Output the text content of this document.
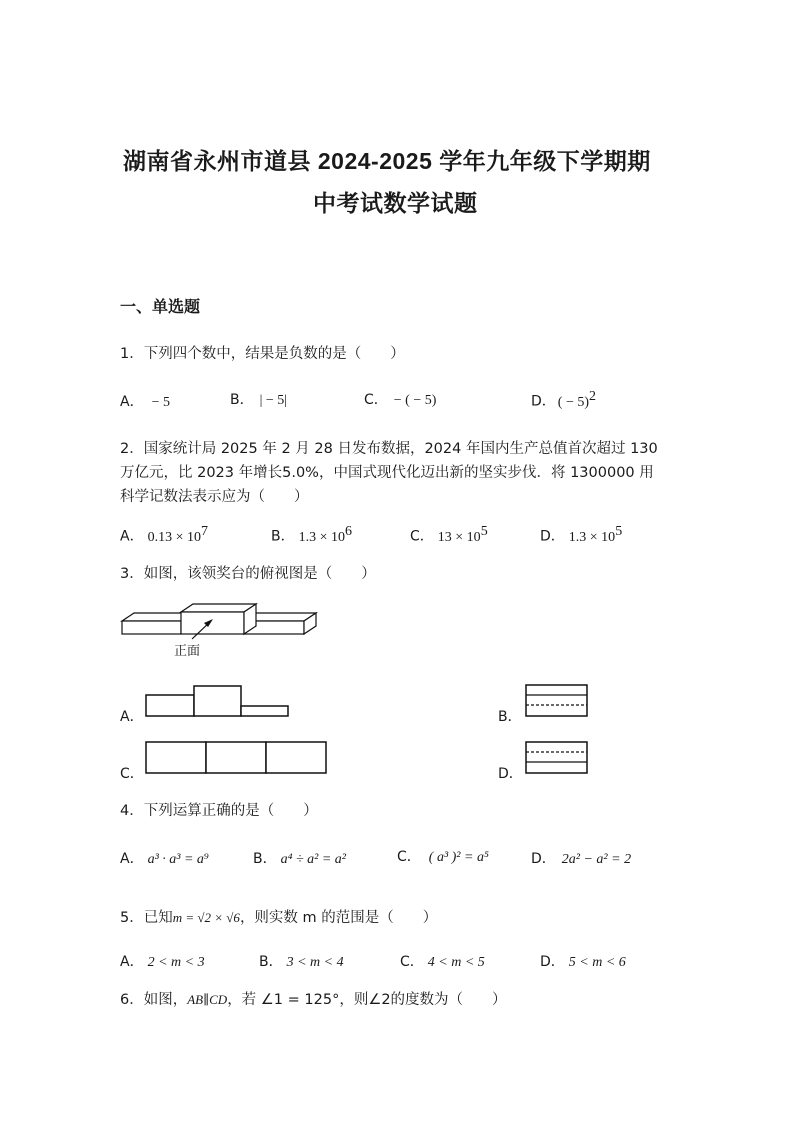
湖南省永州市道县 2024-2025 学年九年级下学期期
中考试数学试题
一、单选题
1．下列四个数中，结果是负数的是（　　）
A． − 5	B． | − 5|	C． − ( − 5)	D． ( − 5)$^2$
2．国家统计局 2025 年 2 月 28 日发布数据，2024 年国内生产总值首次超过 130
万亿元，比 2023 年增长5.0%，中国式现代化迈出新的坚实步伐．将 1300000 用
科学记数法表示应为（　　）
A． $0.13 \times 10^7$	B． $1.3 \times 10^6$	C． $13 \times 10^5$	D． $1.3 \times 10^5$
3．如图，该领奖台的俯视图是（　　）
正面
A．	B．
C．	D．
4．下列运算正确的是（　　）
A． a³ · a³ = a⁹	B． a⁴ ÷ a² = a²	C． ( a³ )² = a⁵	D． 2a² − a² = 2
5．已知m = √2 × √6，则实数 m 的范围是（　　）
A． 2 < m < 3	B． 3 < m < 4	C． 4 < m < 5	D． 5 < m < 6
6．如图，AB∥CD，若 ∠1 = 125°，则∠2的度数为（　　）
